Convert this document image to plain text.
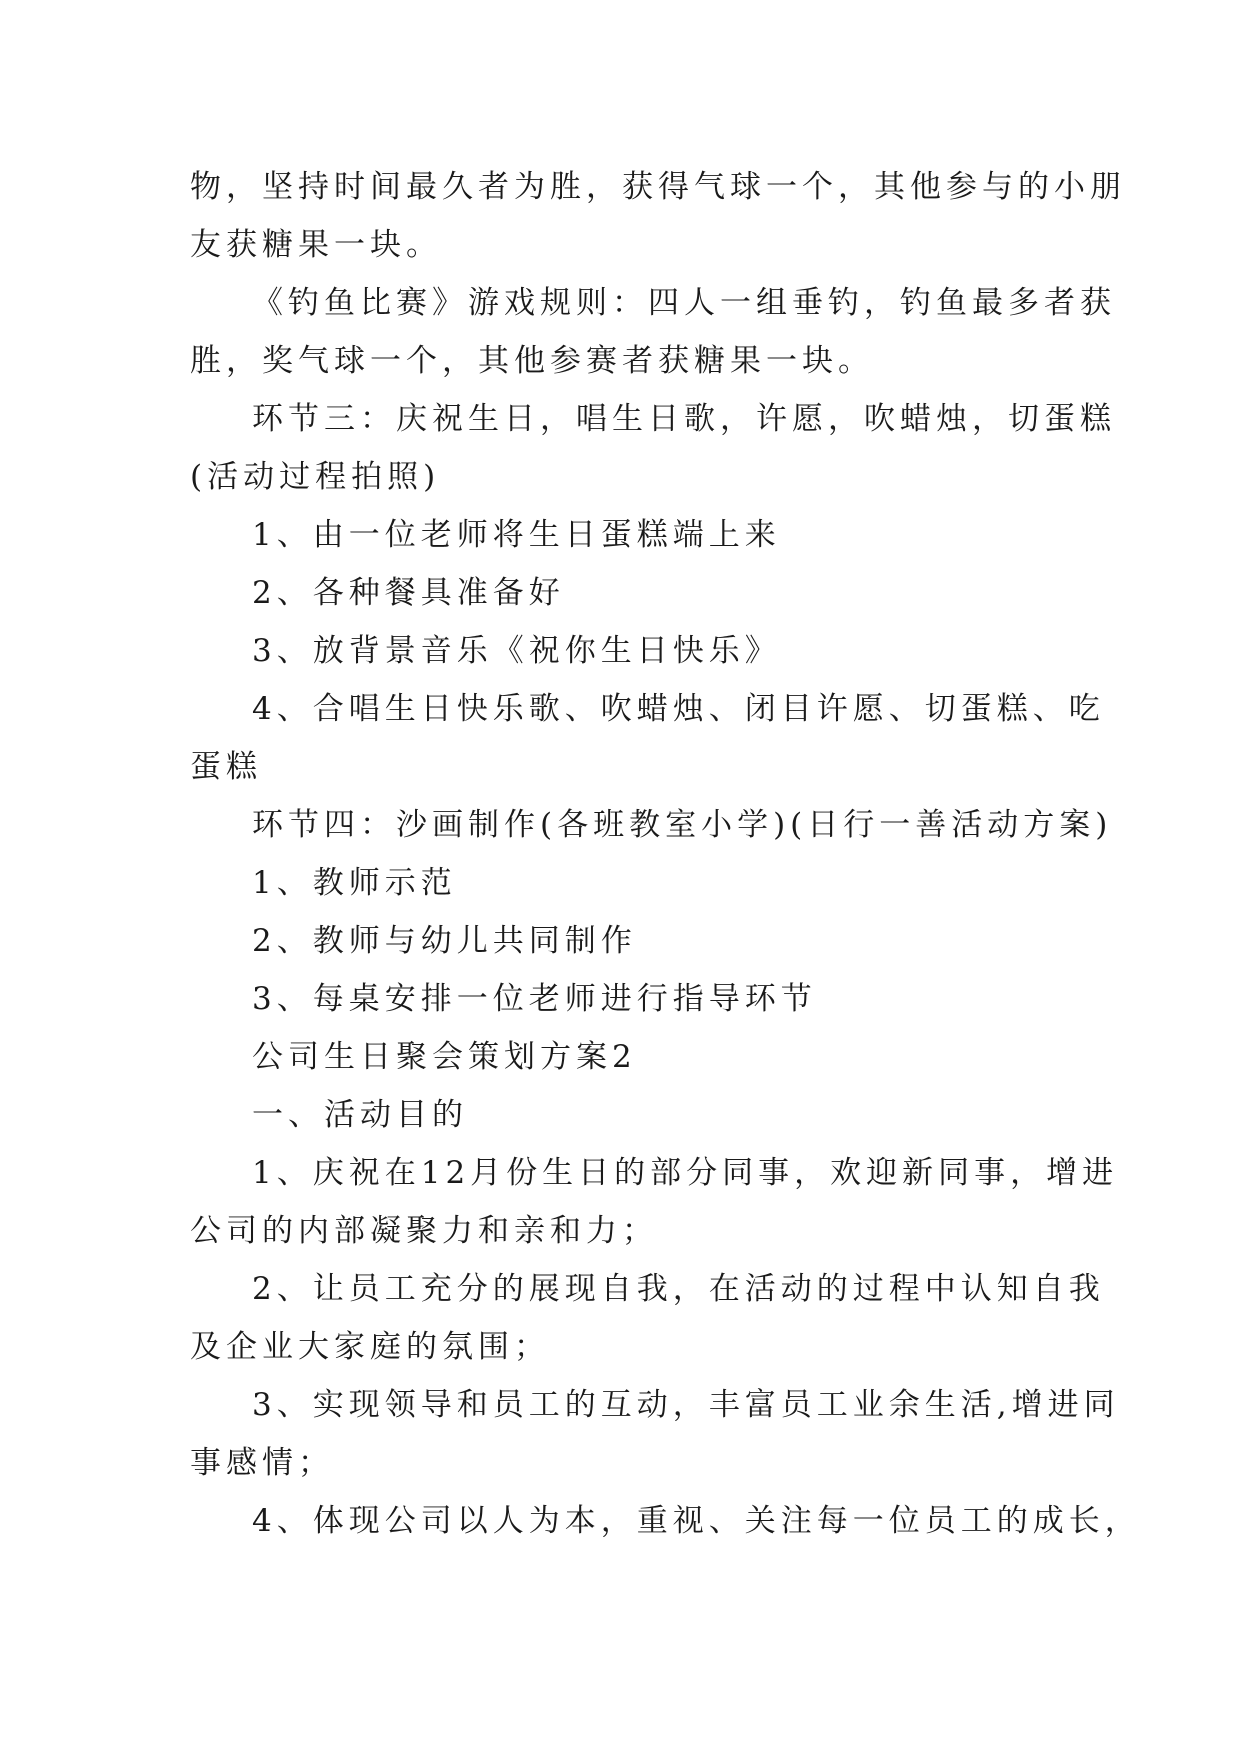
物，坚持时间最久者为胜，获得气球一个，其他参与的小朋
友获糖果一块。
《钓鱼比赛》游戏规则：四人一组垂钓，钓鱼最多者获
胜，奖气球一个，其他参赛者获糖果一块。
环节三：庆祝生日，唱生日歌，许愿，吹蜡烛，切蛋糕
(活动过程拍照)
1、由一位老师将生日蛋糕端上来
2、各种餐具准备好
3、放背景音乐《祝你生日快乐》
4、合唱生日快乐歌、吹蜡烛、闭目许愿、切蛋糕、吃
蛋糕
环节四：沙画制作(各班教室小学)(日行一善活动方案)
1、教师示范
2、教师与幼儿共同制作
3、每桌安排一位老师进行指导环节
公司生日聚会策划方案2
一、活动目的
1、庆祝在12月份生日的部分同事，欢迎新同事，增进
公司的内部凝聚力和亲和力；
2、让员工充分的展现自我，在活动的过程中认知自我
及企业大家庭的氛围；
3、实现领导和员工的互动，丰富员工业余生活,增进同
事感情；
4、体现公司以人为本，重视、关注每一位员工的成长，
